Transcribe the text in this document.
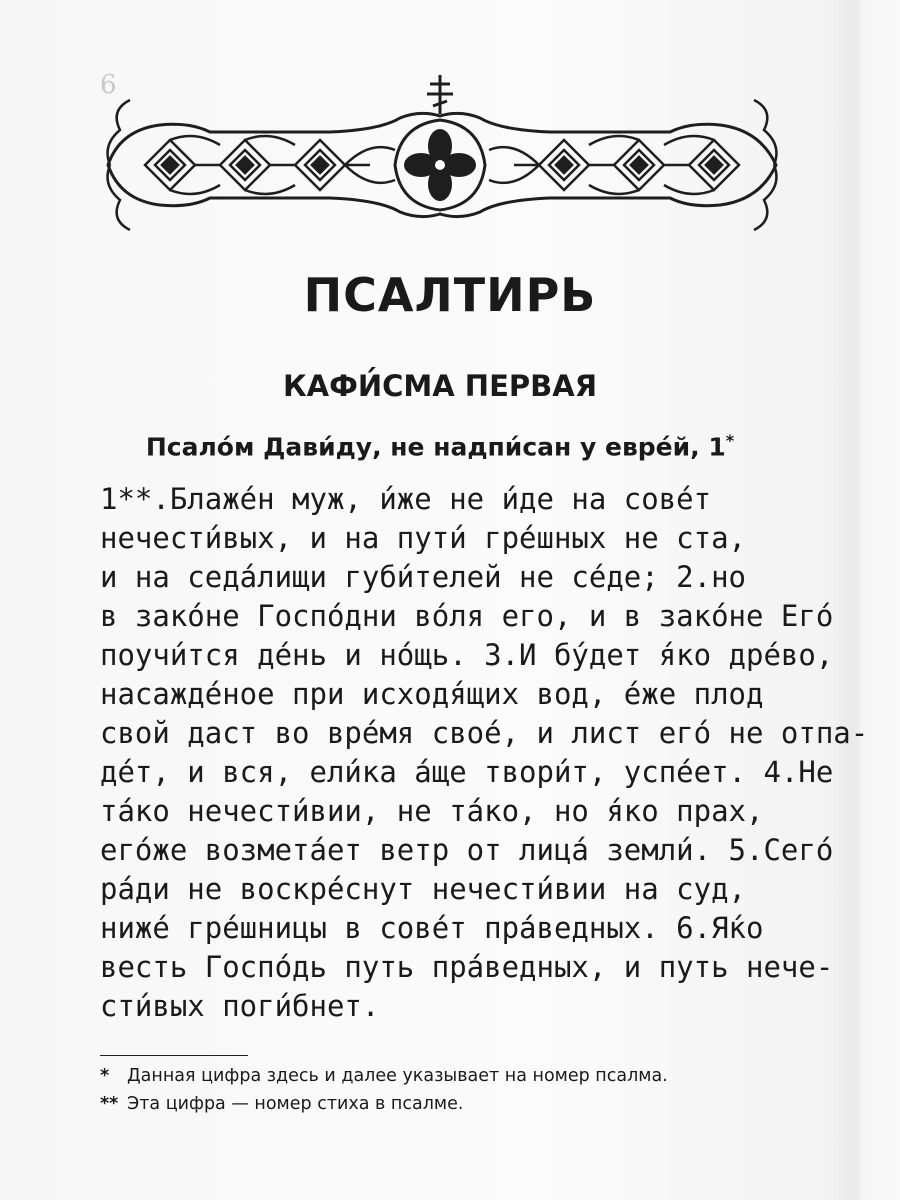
6
ПСАЛТИРЬ
КАФИ́СМА ПЕРВАЯ
Псало́м Дави́ду, не надпи́сан у евре́й, 1*
1**.Блаже́н муж, и́же не и́де на сове́т
нечести́вых, и на пути́ гре́шных не ста,
и на седа́лищи губи́телей не се́де; 2.но
в зако́не Госпо́дни во́ля его, и в зако́не Его́
поучи́тся де́нь и но́щь. 3.И бу́дет я́ко дре́во,
насажде́ное при исходя́щих вод, е́же плод
свой даст во вре́мя свое́, и лист его́ не отпа-
де́т, и вся, ели́ка а́ще твори́т, успе́ет. 4.Не
та́ко нечести́вии, не та́ко, но я́ко прах,
его́же возмета́ет ветр от лица́ земли́. 5.Сего́
ра́ди не воскре́снут нечести́вии на суд,
ниже́ гре́шницы в сове́т пра́ведных. 6.Я́ко
весть Госпо́дь путь пра́ведных, и путь нече-
сти́вых поги́бнет.
* Данная цифра здесь и далее указывает на номер псалма.
** Эта цифра — номер стиха в псалме.
